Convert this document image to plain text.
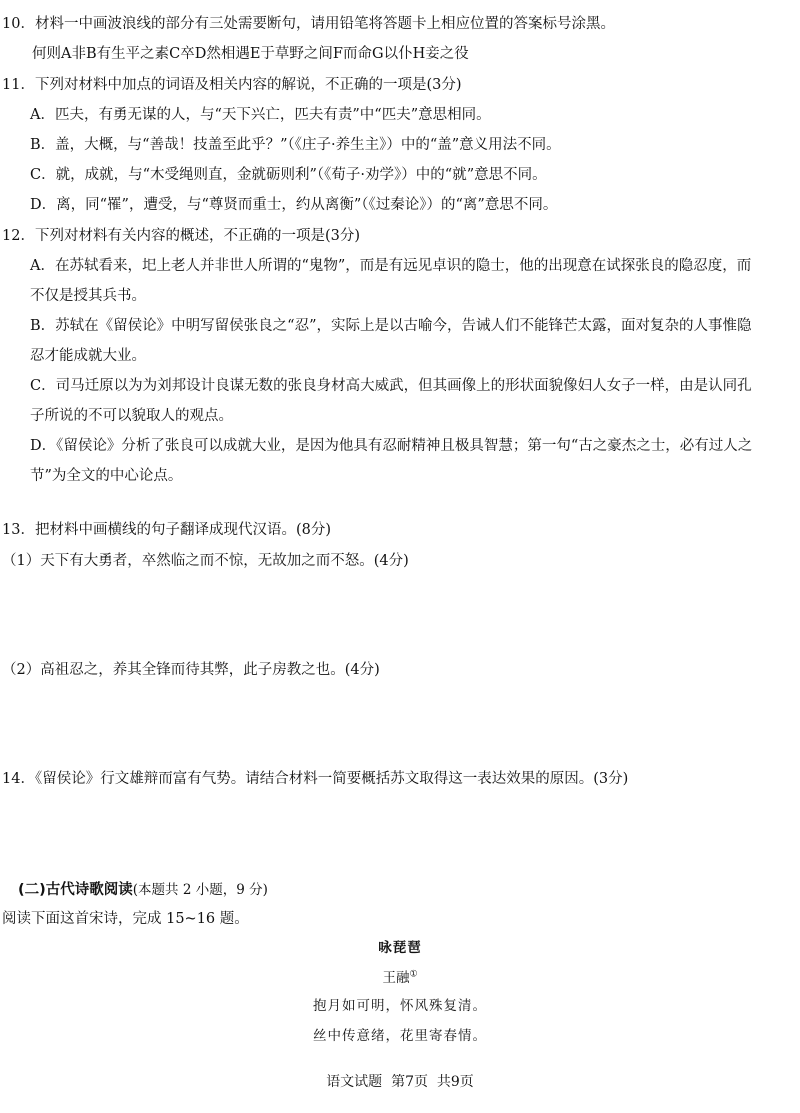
10．材料一中画波浪线的部分有三处需要断句，请用铅笔将答题卡上相应位置的答案标号涂黑。
何则A非B有生平之素C卒D然相遇E于草野之间F而命G以仆H妾之役
11．下列对材料中加点的词语及相关内容的解说，不正确的一项是(3分)
A．匹夫，有勇无谋的人，与“天下兴亡，匹夫有责”中“匹夫”意思相同。
B．盖，大概，与“善哉！技盖至此乎？”（《庄子·养生主》）中的“盖”意义用法不同。
C．就，成就，与“木受绳则直，金就砺则利”（《荀子·劝学》）中的“就”意思不同。
D．离，同“罹”，遭受，与“尊贤而重士，约从离衡”（《过秦论》）的“离”意思不同。
12．下列对材料有关内容的概述，不正确的一项是(3分)
A．在苏轼看来，圯上老人并非世人所谓的“鬼物”，而是有远见卓识的隐士，他的出现意在试探张良的隐忍度，而
不仅是授其兵书。
B．苏轼在《留侯论》中明写留侯张良之“忍”，实际上是以古喻今，告诫人们不能锋芒太露，面对复杂的人事惟隐
忍才能成就大业。
C．司马迁原以为为刘邦设计良谋无数的张良身材高大威武，但其画像上的形状面貌像妇人女子一样，由是认同孔
子所说的不可以貌取人的观点。
D．《留侯论》分析了张良可以成就大业，是因为他具有忍耐精神且极具智慧；第一句“古之豪杰之士，必有过人之
节”为全文的中心论点。
13．把材料中画横线的句子翻译成现代汉语。(8分)
（1）天下有大勇者，卒然临之而不惊，无故加之而不怒。(4分)
（2）高祖忍之，养其全锋而待其弊，此子房教之也。(4分)
14．《留侯论》行文雄辩而富有气势。请结合材料一简要概括苏文取得这一表达效果的原因。(3分)
(二)古代诗歌阅读(本题共 2 小题，9 分)
阅读下面这首宋诗，完成 15~16 题。
咏琵琶
王融①
抱月如可明，怀风殊复清。
丝中传意绪，花里寄春情。
语文试题  第7页  共9页
